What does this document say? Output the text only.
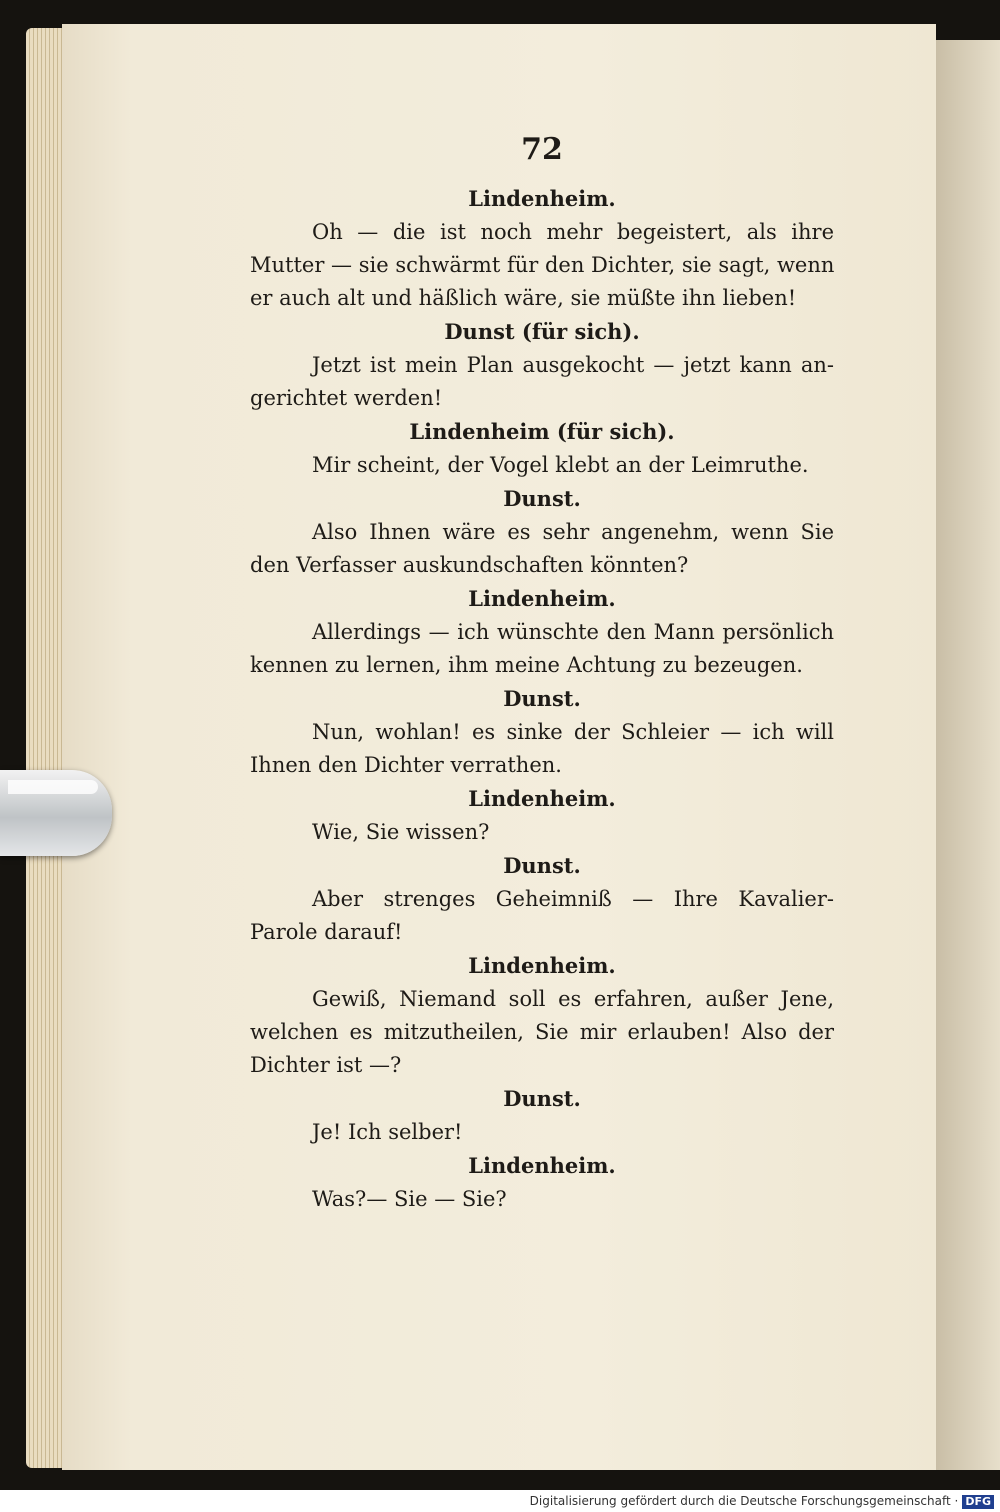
72
Lindenheim.
Oh — die ist noch mehr begeistert, als ihre
Mutter — sie schwärmt für den Dichter, sie sagt, wenn
er auch alt und häßlich wäre, sie müßte ihn lieben!
Dunst (für sich).
Jetzt ist mein Plan ausgekocht — jetzt kann an-
gerichtet werden!
Lindenheim (für sich).
Mir scheint, der Vogel klebt an der Leimruthe.
Dunst.
Also Ihnen wäre es sehr angenehm, wenn Sie
den Verfasser auskundschaften könnten?
Lindenheim.
Allerdings — ich wünschte den Mann persönlich
kennen zu lernen, ihm meine Achtung zu bezeugen.
Dunst.
Nun, wohlan! es sinke der Schleier — ich will
Ihnen den Dichter verrathen.
Lindenheim.
Wie, Sie wissen?
Dunst.
Aber strenges Geheimniß — Ihre Kavalier-
Parole darauf!
Lindenheim.
Gewiß, Niemand soll es erfahren, außer Jene,
welchen es mitzutheilen, Sie mir erlauben! Also der
Dichter ist —?
Dunst.
Je! Ich selber!
Lindenheim.
Was?— Sie — Sie?
Digitalisierung gefördert durch die Deutsche Forschungsgemeinschaft · DFG
